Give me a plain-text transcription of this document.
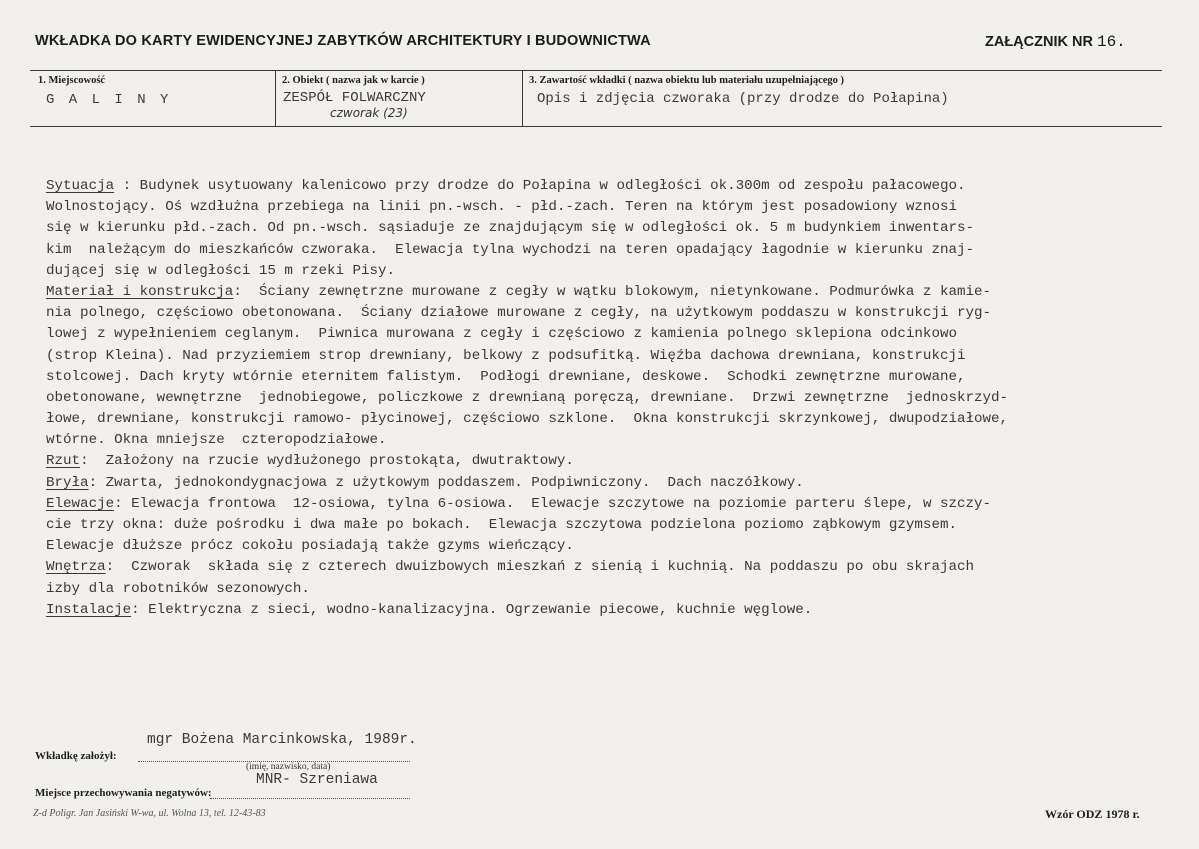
WKŁADKA DO KARTY EWIDENCYJNEJ ZABYTKÓW ARCHITEKTURY I BUDOWNICTWA	ZAŁĄCZNIK NR 16.
1. Miejscowość	2. Obiekt ( nazwa jak w karcie )	3. Zawartość wkładki ( nazwa obiektu lub materiału uzupełniającego )
G A L I N Y	ZESPÓŁ FOLWARCZNY
czworak (23)
Opis i zdjęcia czworaka (przy drodze do Połapina)
Sytuacja : Budynek usytuowany kalenicowo przy drodze do Połapina w odległości ok.300m od zespołu pałacowego.
Wolnostojący. Oś wzdłużna przebiega na linii pn.-wsch. - płd.-zach. Teren na którym jest posadowiony wznosi
się w kierunku płd.-zach. Od pn.-wsch. sąsiaduje ze znajdującym się w odległości ok. 5 m budynkiem inwentars-
kim  należącym do mieszkańców czworaka.  Elewacja tylna wychodzi na teren opadający łagodnie w kierunku znaj-
dującej się w odległości 15 m rzeki Pisy.
Materiał i konstrukcja:  Ściany zewnętrzne murowane z cegły w wątku blokowym, nietynkowane. Podmurówka z kamie-
nia polnego, częściowo obetonowana.  Ściany działowe murowane z cegły, na użytkowym poddaszu w konstrukcji ryg-
lowej z wypełnieniem ceglanym.  Piwnica murowana z cegły i częściowo z kamienia polnego sklepiona odcinkowo
(strop Kleina). Nad przyziemiem strop drewniany, belkowy z podsufitką. Więźba dachowa drewniana, konstrukcji
stolcowej. Dach kryty wtórnie eternitem falistym.  Podłogi drewniane, deskowe.  Schodki zewnętrzne murowane,
obetonowane, wewnętrzne  jednobiegowe, policzkowe z drewnianą poręczą, drewniane.  Drzwi zewnętrzne  jednoskrzyd-
łowe, drewniane, konstrukcji ramowo- płycinowej, częściowo szklone.  Okna konstrukcji skrzynkowej, dwupodziałowe,
wtórne. Okna mniejsze  czteropodziałowe.
Rzut:  Założony na rzucie wydłużonego prostokąta, dwutraktowy.
Bryła: Zwarta, jednokondygnacjowa z użytkowym poddaszem. Podpiwniczony.  Dach naczółkowy.
Elewacje: Elewacja frontowa  12-osiowa, tylna 6-osiowa.  Elewacje szczytowe na poziomie parteru ślepe, w szczy-
cie trzy okna: duże pośrodku i dwa małe po bokach.  Elewacja szczytowa podzielona poziomo ząbkowym gzymsem.
Elewacje dłuższe prócz cokołu posiadają także gzyms wieńczący.
Wnętrza:  Czworak  składa się z czterech dwuizbowych mieszkań z sienią i kuchnią. Na poddaszu po obu skrajach
izby dla robotników sezonowych.
Instalacje: Elektryczna z sieci, wodno-kanalizacyjna. Ogrzewanie piecowe, kuchnie węglowe.
mgr Bożena Marcinkowska, 1989r.
Wkładkę założył:
(imię, nazwisko, data)
MNR- Szreniawa
Miejsce przechowywania negatywów:
Z-d Poligr. Jan Jasiński W-wa, ul. Wolna 13, tel. 12-43-83	Wzór ODZ 1978 r.
